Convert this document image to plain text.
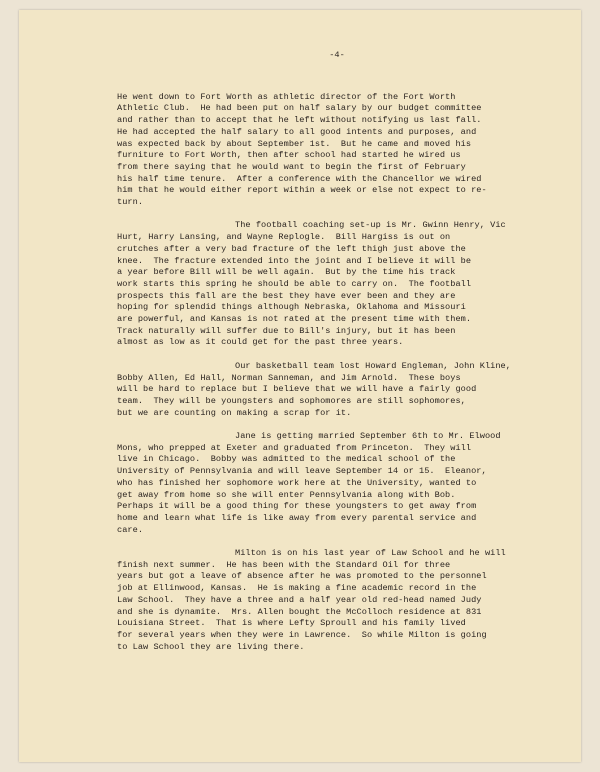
-4-

He went down to Fort Worth as athletic director of the Fort Worth
Athletic Club.  He had been put on half salary by our budget committee
and rather than to accept that he left without notifying us last fall.
He had accepted the half salary to all good intents and purposes, and
was expected back by about September 1st.  But he came and moved his
furniture to Fort Worth, then after school had started he wired us
from there saying that he would want to begin the first of February
his half time tenure.  After a conference with the Chancellor we wired
him that he would either report within a week or else not expect to re-
turn.

The football coaching set-up is Mr. Gwinn Henry, Vic
Hurt, Harry Lansing, and Wayne Replogle.  Bill Hargiss is out on
crutches after a very bad fracture of the left thigh just above the
knee.  The fracture extended into the joint and I believe it will be
a year before Bill will be well again.  But by the time his track
work starts this spring he should be able to carry on.  The football
prospects this fall are the best they have ever been and they are
hoping for splendid things although Nebraska, Oklahoma and Missouri
are powerful, and Kansas is not rated at the present time with them.
Track naturally will suffer due to Bill's injury, but it has been
almost as low as it could get for the past three years.

Our basketball team lost Howard Engleman, John Kline,
Bobby Allen, Ed Hall, Norman Sanneman, and Jim Arnold.  These boys
will be hard to replace but I believe that we will have a fairly good
team.  They will be youngsters and sophomores are still sophomores,
but we are counting on making a scrap for it.

Jane is getting married September 6th to Mr. Elwood
Mons, who prepped at Exeter and graduated from Princeton.  They will
live in Chicago.  Bobby was admitted to the medical school of the
University of Pennsylvania and will leave September 14 or 15.  Eleanor,
who has finished her sophomore work here at the University, wanted to
get away from home so she will enter Pennsylvania along with Bob.
Perhaps it will be a good thing for these youngsters to get away from
home and learn what life is like away from every parental service and
care.

Milton is on his last year of Law School and he will
finish next summer.  He has been with the Standard Oil for three
years but got a leave of absence after he was promoted to the personnel
job at Ellinwood, Kansas.  He is making a fine academic record in the
Law School.  They have a three and a half year old red-head named Judy
and she is dynamite.  Mrs. Allen bought the McColloch residence at 831
Louisiana Street.  That is where Lefty Sproull and his family lived
for several years when they were in Lawrence.  So while Milton is going
to Law School they are living there.
